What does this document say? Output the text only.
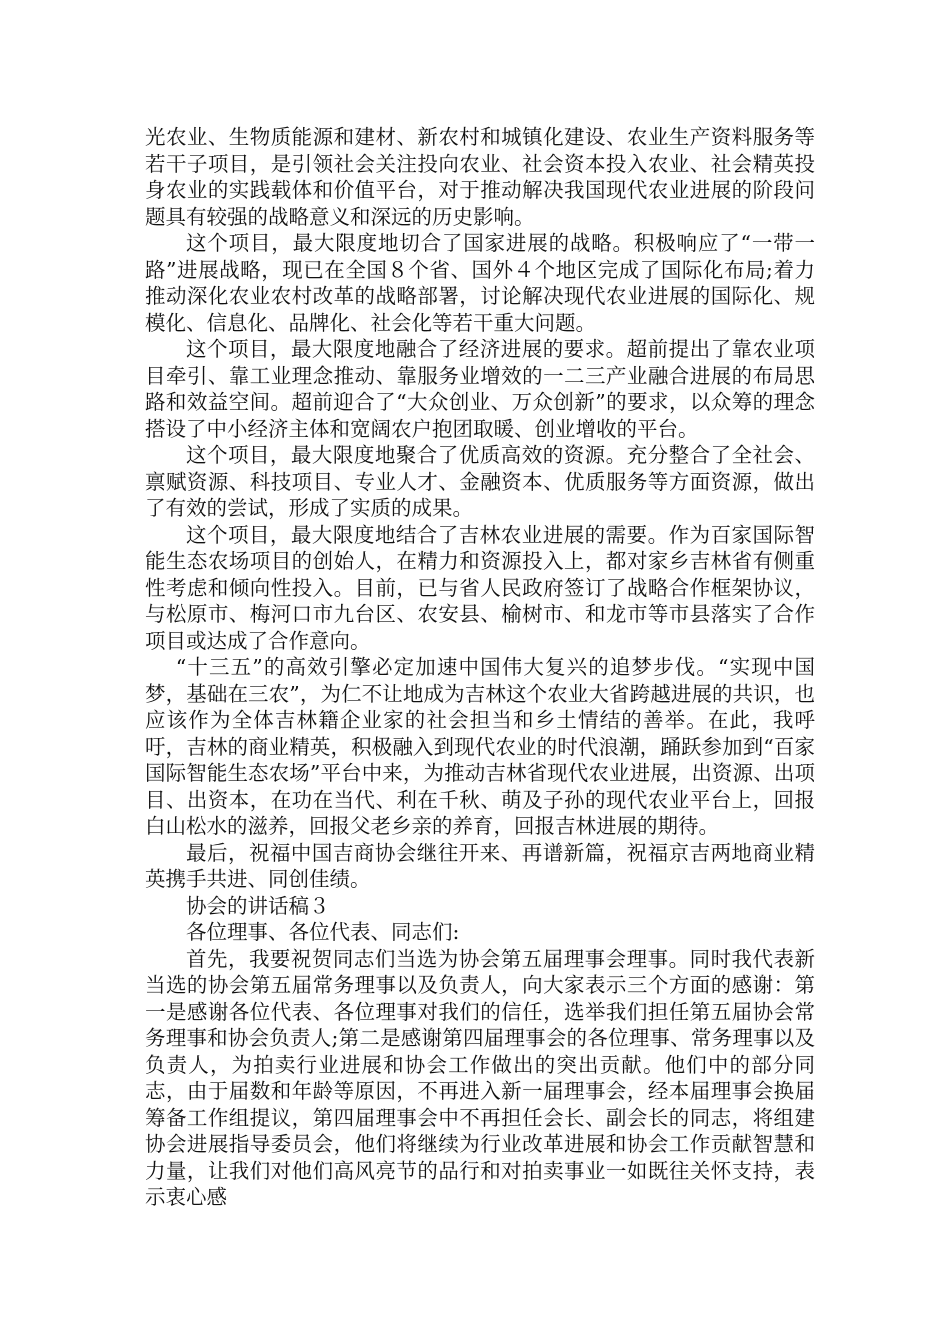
光农业、生物质能源和建材、新农村和城镇化建设、农业生产资料服务等若干子项目，是引领社会关注投向农业、社会资本投入农业、社会精英投身农业的实践载体和价值平台，对于推动解决我国现代农业进展的阶段问题具有较强的战略意义和深远的历史影响。

这个项目，最大限度地切合了国家进展的战略。积极响应了“一带一路”进展战略，现已在全国８个省、国外４个地区完成了国际化布局;着力推动深化农业农村改革的战略部署，讨论解决现代农业进展的国际化、规模化、信息化、品牌化、社会化等若干重大问题。

这个项目，最大限度地融合了经济进展的要求。超前提出了靠农业项目牵引、靠工业理念推动、靠服务业增效的一二三产业融合进展的布局思路和效益空间。超前迎合了“大众创业、万众创新”的要求，以众筹的理念搭设了中小经济主体和宽阔农户抱团取暖、创业增收的平台。

这个项目，最大限度地聚合了优质高效的资源。充分整合了全社会、禀赋资源、科技项目、专业人才、金融资本、优质服务等方面资源，做出了有效的尝试，形成了实质的成果。

这个项目，最大限度地结合了吉林农业进展的需要。作为百家国际智能生态农场项目的创始人，在精力和资源投入上，都对家乡吉林省有侧重性考虑和倾向性投入。目前，已与省人民政府签订了战略合作框架协议，与松原市、梅河口市九台区、农安县、榆树市、和龙市等市县落实了合作项目或达成了合作意向。

“十三五”的高效引擎必定加速中国伟大复兴的追梦步伐。“实现中国梦，基础在三农”，为仁不让地成为吉林这个农业大省跨越进展的共识，也应该作为全体吉林籍企业家的社会担当和乡土情结的善举。在此，我呼吁，吉林的商业精英，积极融入到现代农业的时代浪潮，踊跃参加到“百家国际智能生态农场”平台中来，为推动吉林省现代农业进展，出资源、出项目、出资本，在功在当代、利在千秋、萌及子孙的现代农业平台上，回报白山松水的滋养，回报父老乡亲的养育，回报吉林进展的期待。

最后，祝福中国吉商协会继往开来、再谱新篇，祝福京吉两地商业精英携手共进、同创佳绩。

协会的讲话稿３

各位理事、各位代表、同志们:

首先，我要祝贺同志们当选为协会第五届理事会理事。同时我代表新当选的协会第五届常务理事以及负责人，向大家表示三个方面的感谢：第一是感谢各位代表、各位理事对我们的信任，选举我们担任第五届协会常务理事和协会负责人;第二是感谢第四届理事会的各位理事、常务理事以及负责人，为拍卖行业进展和协会工作做出的突出贡献。他们中的部分同志，由于届数和年龄等原因，不再进入新一届理事会，经本届理事会换届筹备工作组提议，第四届理事会中不再担任会长、副会长的同志，将组建协会进展指导委员会，他们将继续为行业改革进展和协会工作贡献智慧和力量，让我们对他们高风亮节的品行和对拍卖事业一如既往关怀支持，表示衷心感
